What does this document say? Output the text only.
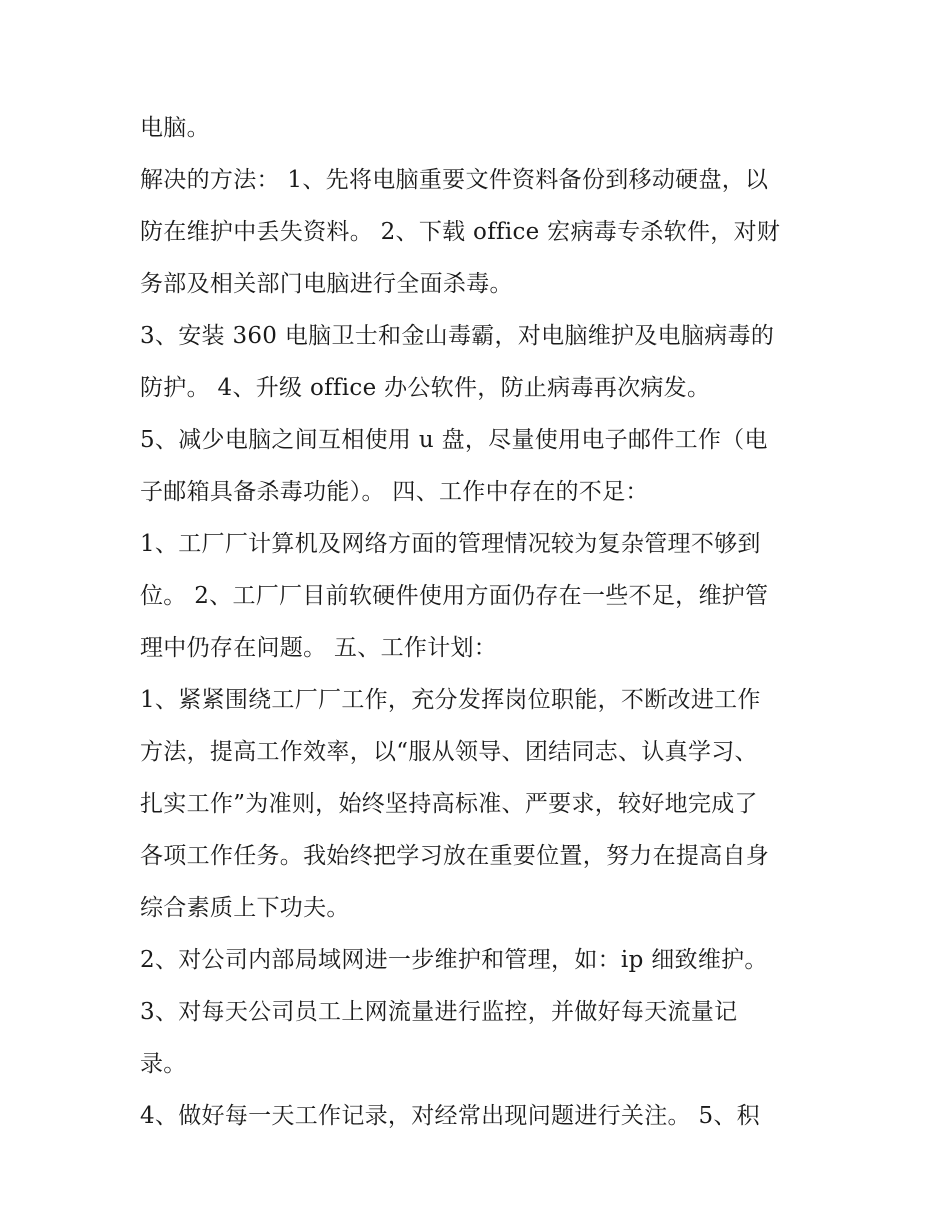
电脑。
解决的方法： 1、先将电脑重要文件资料备份到移动硬盘，以
防在维护中丢失资料。 2、下载 office 宏病毒专杀软件，对财
务部及相关部门电脑进行全面杀毒。
3、安装 360 电脑卫士和金山毒霸，对电脑维护及电脑病毒的
防护。 4、升级 office 办公软件，防止病毒再次病发。
5、减少电脑之间互相使用 u 盘，尽量使用电子邮件工作（电
子邮箱具备杀毒功能）。 四、工作中存在的不足：
1、工厂厂计算机及网络方面的管理情况较为复杂管理不够到
位。 2、工厂厂目前软硬件使用方面仍存在一些不足，维护管
理中仍存在问题。 五、工作计划：
1、紧紧围绕工厂厂工作，充分发挥岗位职能，不断改进工作
方法，提高工作效率，以“服从领导、团结同志、认真学习、
扎实工作”为准则，始终坚持高标准、严要求，较好地完成了
各项工作任务。我始终把学习放在重要位置，努力在提高自身
综合素质上下功夫。
2、对公司内部局域网进一步维护和管理，如：ip 细致维护。
3、对每天公司员工上网流量进行监控，并做好每天流量记
录。
4、做好每一天工作记录，对经常出现问题进行关注。 5、积
